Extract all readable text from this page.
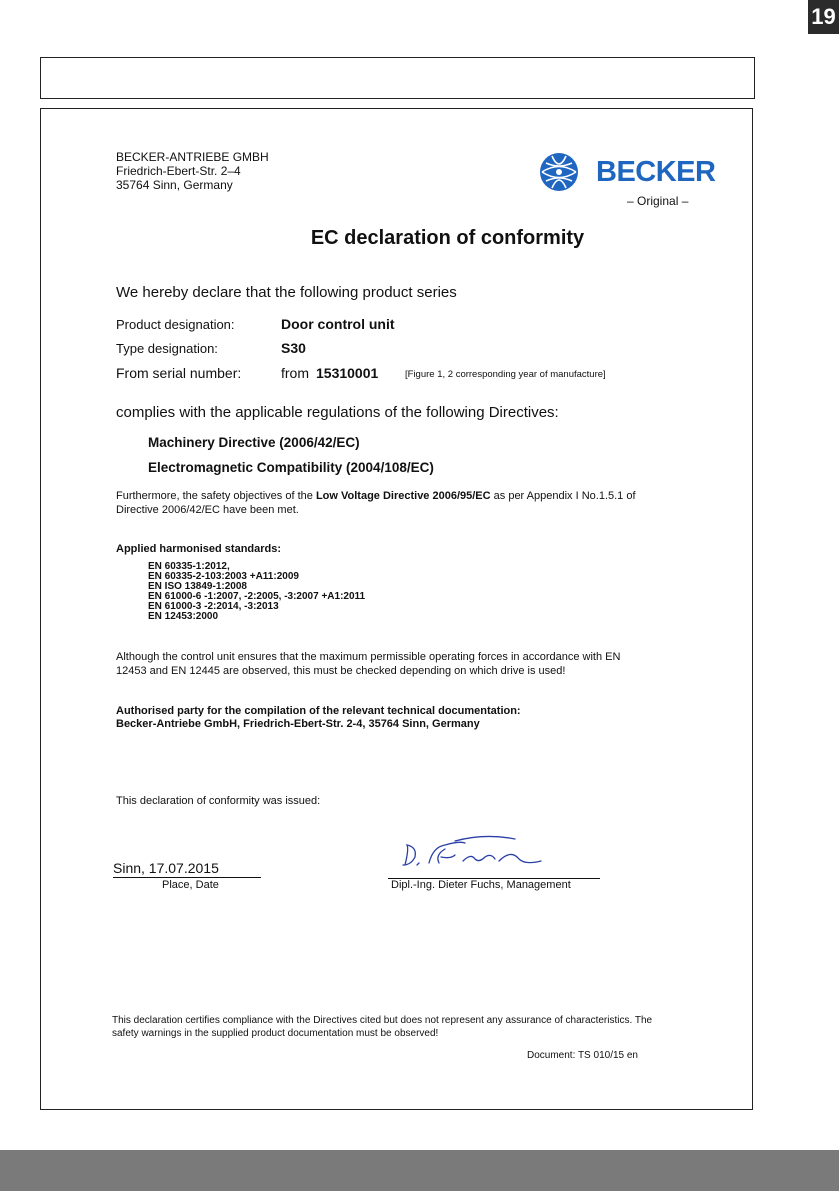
19
BECKER-ANTRIEBE GMBH
Friedrich-Ebert-Str. 2–4
35764 Sinn, Germany	BECKER
– Original –
EC declaration of conformity
We hereby declare that the following product series
Product designation:	Door control unit
Type designation:	S30
From serial number:	from 15310001	[Figure 1, 2 corresponding year of manufacture]
complies with the applicable regulations of the following Directives:
Machinery Directive (2006/42/EC)
Electromagnetic Compatibility (2004/108/EC)
Furthermore, the safety objectives of the Low Voltage Directive 2006/95/EC as per Appendix I No.1.5.1 of
Directive 2006/42/EC have been met.
Applied harmonised standards:
EN 60335-1:2012,
EN 60335-2-103:2003 +A11:2009
EN ISO 13849-1:2008
EN 61000-6 -1:2007, -2:2005, -3:2007 +A1:2011
EN 61000-3 -2:2014, -3:2013
EN 12453:2000
Although the control unit ensures that the maximum permissible operating forces in accordance with EN
12453 and EN 12445 are observed, this must be checked depending on which drive is used!
Authorised party for the compilation of the relevant technical documentation:
Becker-Antriebe GmbH, Friedrich-Ebert-Str. 2-4, 35764 Sinn, Germany
This declaration of conformity was issued:
Sinn, 17.07.2015
Place, Date	Dipl.-Ing. Dieter Fuchs, Management
This declaration certifies compliance with the Directives cited but does not represent any assurance of characteristics. The
safety warnings in the supplied product documentation must be observed!
Document: TS 010/15 en
